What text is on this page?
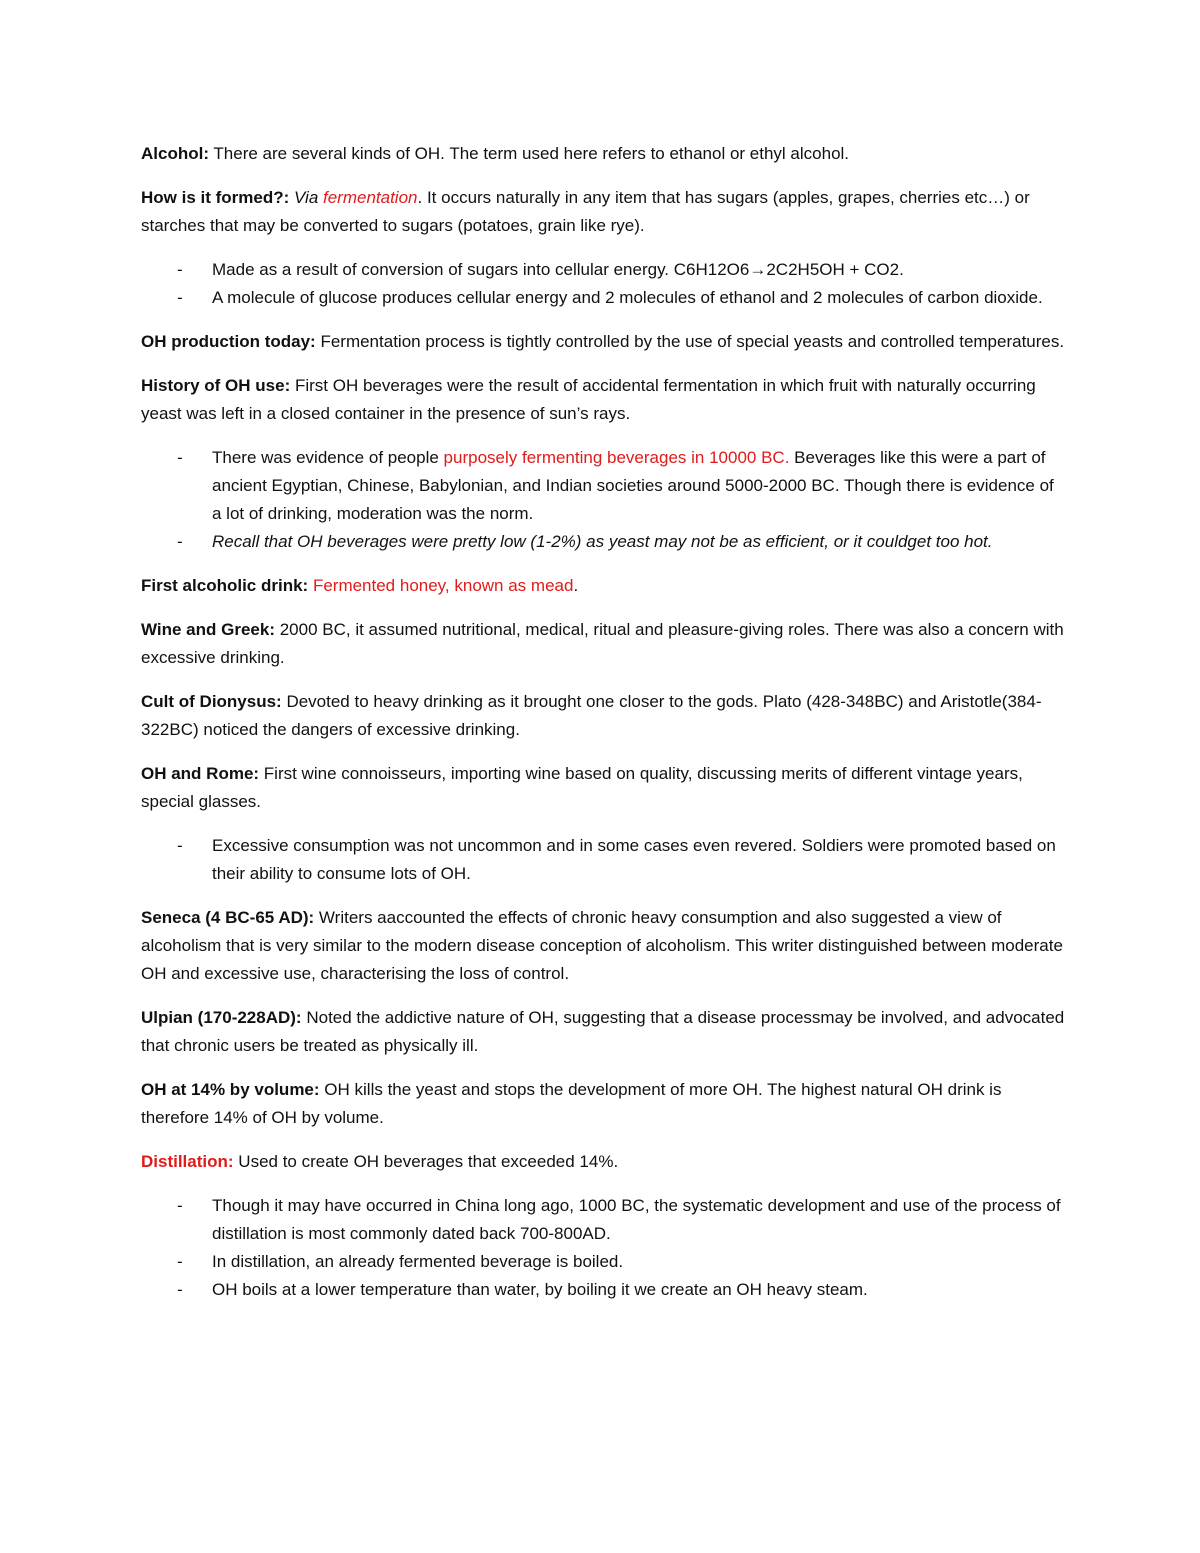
Alcohol: There are several kinds of OH. The term used here refers to ethanol or ethyl alcohol.

How is it formed?: Via fermentation. It occurs naturally in any item that has sugars (apples, grapes, cherries etc…) or starches that may be converted to sugars (potatoes, grain like rye).

- Made as a result of conversion of sugars into cellular energy. C6H12O6→2C2H5OH + CO2.
- A molecule of glucose produces cellular energy and 2 molecules of ethanol and 2 molecules of carbon dioxide.

OH production today: Fermentation process is tightly controlled by the use of special yeasts and controlled temperatures.

History of OH use: First OH beverages were the result of accidental fermentation in which fruit with naturally occurring yeast was left in a closed container in the presence of sun’s rays.

- There was evidence of people purposely fermenting beverages in 10000 BC. Beverages like this were a part of ancient Egyptian, Chinese, Babylonian, and Indian societies around 5000-2000 BC. Though there is evidence of a lot of drinking, moderation was the norm.
- Recall that OH beverages were pretty low (1-2%) as yeast may not be as efficient, or it couldget too hot.

First alcoholic drink: Fermented honey, known as mead.

Wine and Greek: 2000 BC, it assumed nutritional, medical, ritual and pleasure-giving roles. There was also a concern with excessive drinking.

Cult of Dionysus: Devoted to heavy drinking as it brought one closer to the gods. Plato (428-348BC) and Aristotle(384-322BC) noticed the dangers of excessive drinking.

OH and Rome: First wine connoisseurs, importing wine based on quality, discussing merits of different vintage years, special glasses.

- Excessive consumption was not uncommon and in some cases even revered. Soldiers were promoted based on their ability to consume lots of OH.

Seneca (4 BC-65 AD): Writers aaccounted the effects of chronic heavy consumption and also suggested a view of alcoholism that is very similar to the modern disease conception of alcoholism. This writer distinguished between moderate OH and excessive use, characterising the loss of control.

Ulpian (170-228AD): Noted the addictive nature of OH, suggesting that a disease processmay be involved, and advocated that chronic users be treated as physically ill.

OH at 14% by volume: OH kills the yeast and stops the development of more OH. The highest natural OH drink is therefore 14% of OH by volume.

Distillation: Used to create OH beverages that exceeded 14%.

- Though it may have occurred in China long ago, 1000 BC, the systematic development and use of the process of distillation is most commonly dated back 700-800AD.
- In distillation, an already fermented beverage is boiled.
- OH boils at a lower temperature than water, by boiling it we create an OH heavy steam.
